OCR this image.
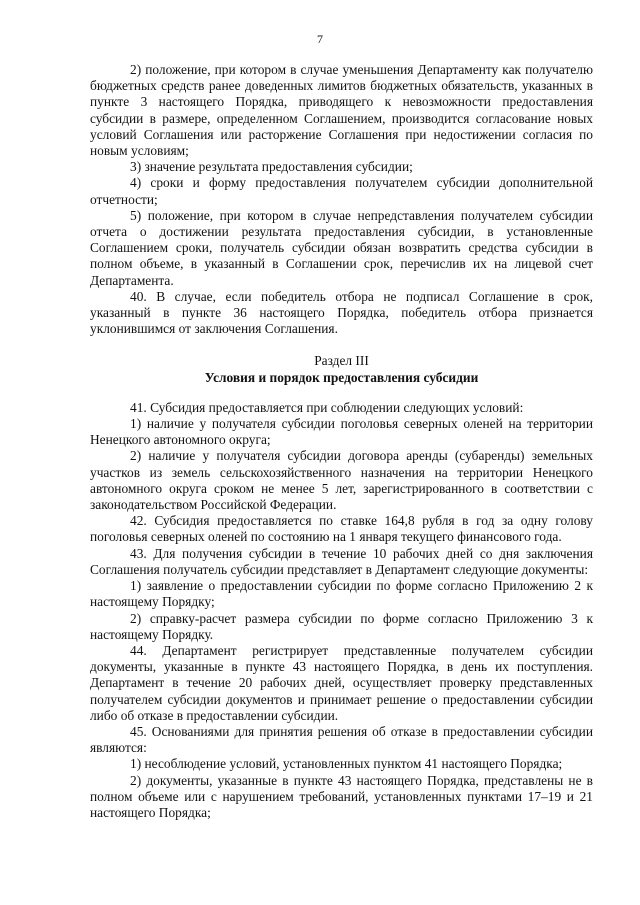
7

2) положение, при котором в случае уменьшения Департаменту как получателю бюджетных средств ранее доведенных лимитов бюджетных обязательств, указанных в пункте 3 настоящего Порядка, приводящего к невозможности предоставления субсидии в размере, определенном Соглашением, производится согласование новых условий Соглашения или расторжение Соглашения при недостижении согласия по новым условиям;

3) значение результата предоставления субсидии;

4) сроки и форму предоставления получателем субсидии дополнительной отчетности;

5) положение, при котором в случае непредставления получателем субсидии отчета о достижении результата предоставления субсидии, в установленные Соглашением сроки, получатель субсидии обязан возвратить средства субсидии в полном объеме, в указанный в Соглашении срок, перечислив их на лицевой счет Департамента.

40. В случае, если победитель отбора не подписал Соглашение в срок, указанный в пункте 36 настоящего Порядка, победитель отбора признается уклонившимся от заключения Соглашения.

Раздел III
Условия и порядок предоставления субсидии

41. Субсидия предоставляется при соблюдении следующих условий:

1) наличие у получателя субсидии поголовья северных оленей на территории Ненецкого автономного округа;

2) наличие у получателя субсидии договора аренды (субаренды) земельных участков из земель сельскохозяйственного назначения на территории Ненецкого автономного округа сроком не менее 5 лет, зарегистрированного в соответствии с законодательством Российской Федерации.

42. Субсидия предоставляется по ставке 164,8 рубля в год за одну голову поголовья северных оленей по состоянию на 1 января текущего финансового года.

43. Для получения субсидии в течение 10 рабочих дней со дня заключения Соглашения получатель субсидии представляет в Департамент следующие документы:

1) заявление о предоставлении субсидии по форме согласно Приложению 2 к настоящему Порядку;

2) справку-расчет размера субсидии по форме согласно Приложению 3 к настоящему Порядку.

44. Департамент регистрирует представленные получателем субсидии документы, указанные в пункте 43 настоящего Порядка, в день их поступления. Департамент в течение 20 рабочих дней, осуществляет проверку представленных получателем субсидии документов и принимает решение о предоставлении субсидии либо об отказе в предоставлении субсидии.

45. Основаниями для принятия решения об отказе в предоставлении субсидии являются:

1) несоблюдение условий, установленных пунктом 41 настоящего Порядка;

2) документы, указанные в пункте 43 настоящего Порядка, представлены не в полном объеме или с нарушением требований, установленных пунктами 17–19 и 21 настоящего Порядка;
